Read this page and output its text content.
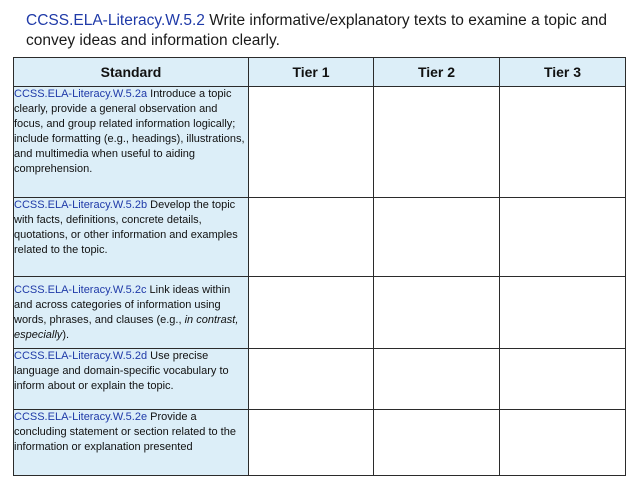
CCSS.ELA-Literacy.W.5.2 Write informative/explanatory texts to examine a topic and convey ideas and information clearly.
Standard	Tier 1	Tier 2	Tier 3
CCSS.ELA-Literacy.W.5.2a Introduce a topic clearly, provide a general observation and focus, and group related information logically; include formatting (e.g., headings), illustrations, and multimedia when useful to aiding comprehension.			
CCSS.ELA-Literacy.W.5.2b Develop the topic with facts, definitions, concrete details, quotations, or other information and examples related to the topic.			
CCSS.ELA-Literacy.W.5.2c Link ideas within and across categories of information using words, phrases, and clauses (e.g., in contrast, especially).			
CCSS.ELA-Literacy.W.5.2d Use precise language and domain-specific vocabulary to inform about or explain the topic.			
CCSS.ELA-Literacy.W.5.2e Provide a concluding statement or section related to the information or explanation presented			
